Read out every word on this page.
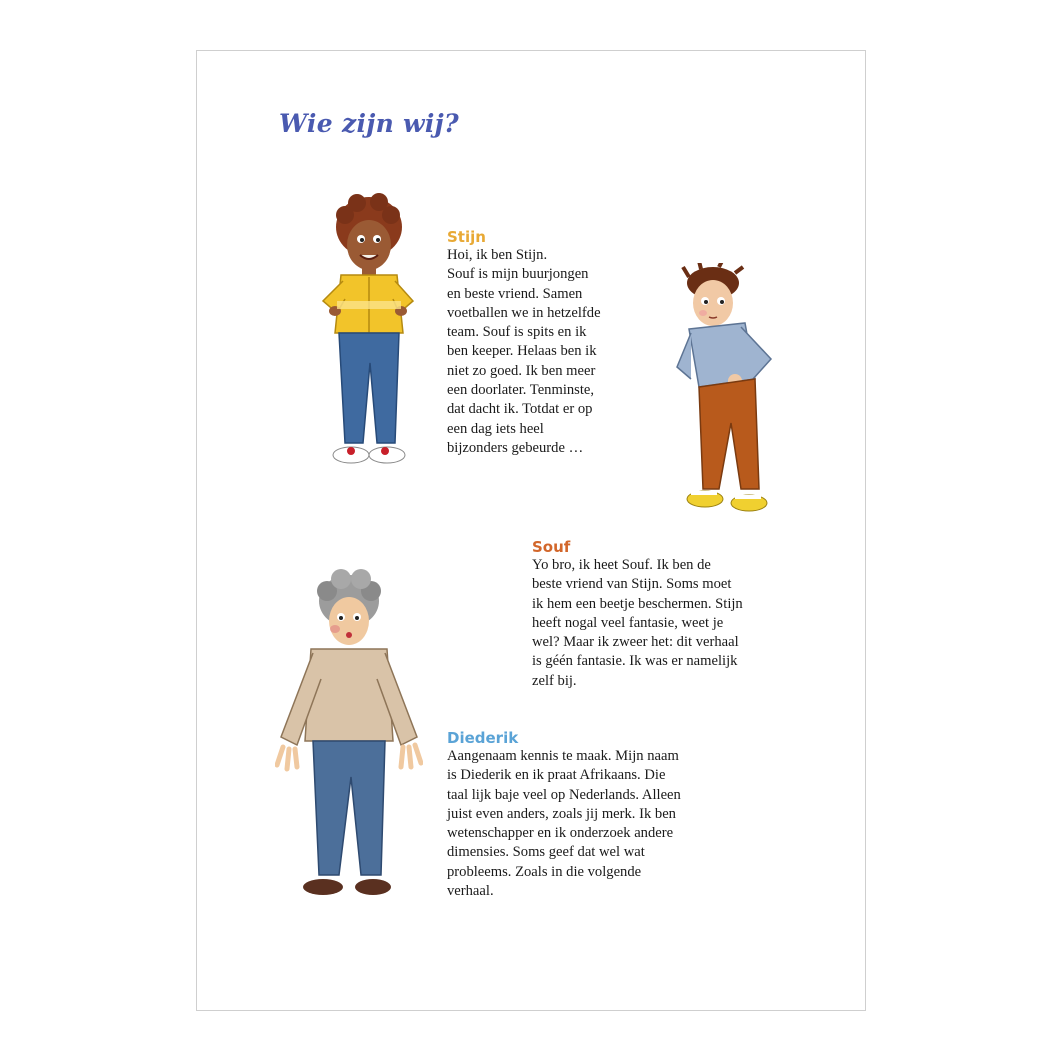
Wie zijn wij?

Stijn

Hoi, ik ben Stijn.
Souf is mijn buurjongen
en beste vriend. Samen
voetballen we in hetzelfde
team. Souf is spits en ik
ben keeper. Helaas ben ik
niet zo goed. Ik ben meer
een doorlater. Tenminste,
dat dacht ik. Totdat er op
een dag iets heel
bijzonders gebeurde …

Souf

Yo bro, ik heet Souf. Ik ben de
beste vriend van Stijn. Soms moet
ik hem een beetje beschermen. Stijn
heeft nogal veel fantasie, weet je
wel? Maar ik zweer het: dit verhaal
is géén fantasie. Ik was er namelijk
zelf bij.

Diederik

Aangenaam kennis te maak. Mijn naam
is Diederik en ik praat Afrikaans. Die
taal lijk baje veel op Nederlands. Alleen
juist even anders, zoals jij merk. Ik ben
wetenschapper en ik onderzoek andere
dimensies. Soms geef dat wel wat
probleems. Zoals in die volgende
verhaal.
